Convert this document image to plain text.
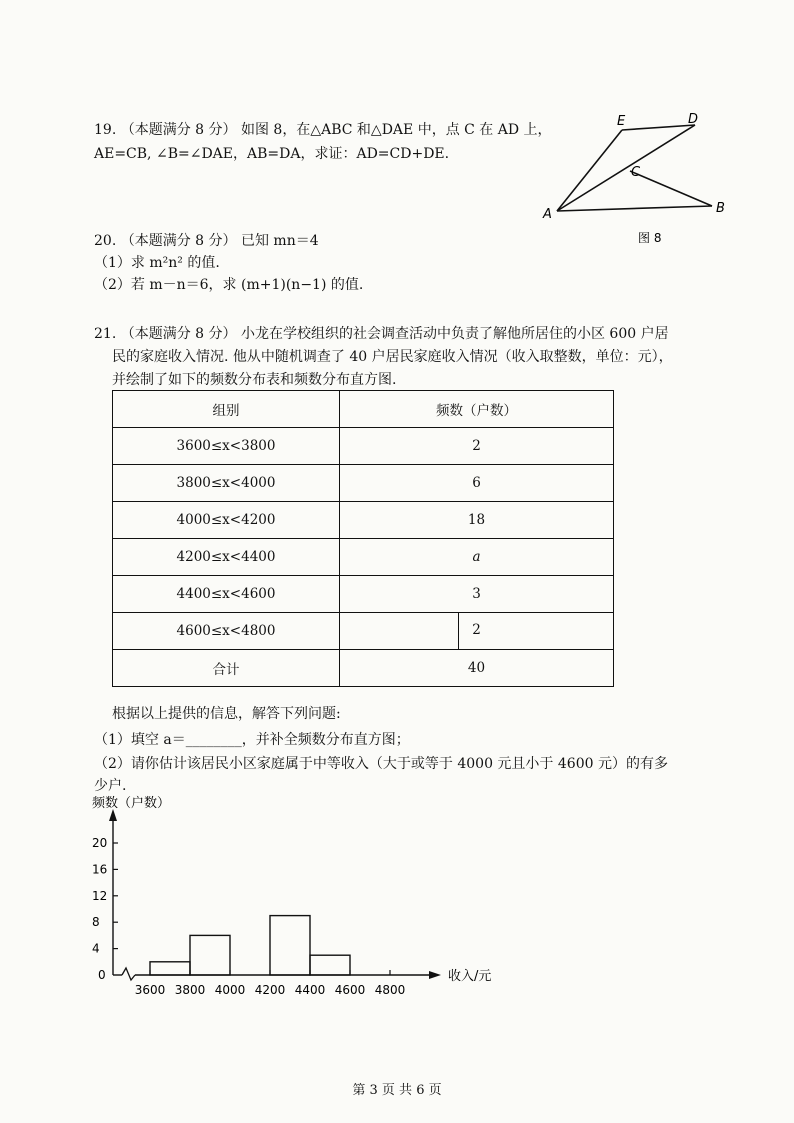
19. （本题满分 8 分） 如图 8，在△ABC 和△DAE 中，点 C 在 AD 上，
AE=CB, ∠B=∠DAE，AB=DA，求证：AD=CD+DE.
A	B
C
D
E
图 8
20. （本题满分 8 分） 已知 mn＝4
（1）求 m²n² 的值.
（2）若 m－n＝6，求 (m+1)(n−1) 的值.
21. （本题满分 8 分） 小龙在学校组织的社会调查活动中负责了解他所居住的小区 600 户居
民的家庭收入情况. 他从中随机调查了 40 户居民家庭收入情况（收入取整数，单位：元），
并绘制了如下的频数分布表和频数分布直方图.
组别	频数（户数）
3600≤x<3800	2
3800≤x<4000	6
4000≤x<4200	18
4200≤x<4400	a
4400≤x<4600	3
4600≤x<4800	2

合计	40
根据以上提供的信息，解答下列问题:
（1）填空 a＝________，并补全频数分布直方图；
（2）请你估计该居民小区家庭属于中等收入（大于或等于 4000 元且小于 4600 元）的有多
少户.
0
4
8
12
16
20
3600 3800 4000 4200 4400 4600 4800
频数（户数）
收入/元
第 3 页 共 6 页
